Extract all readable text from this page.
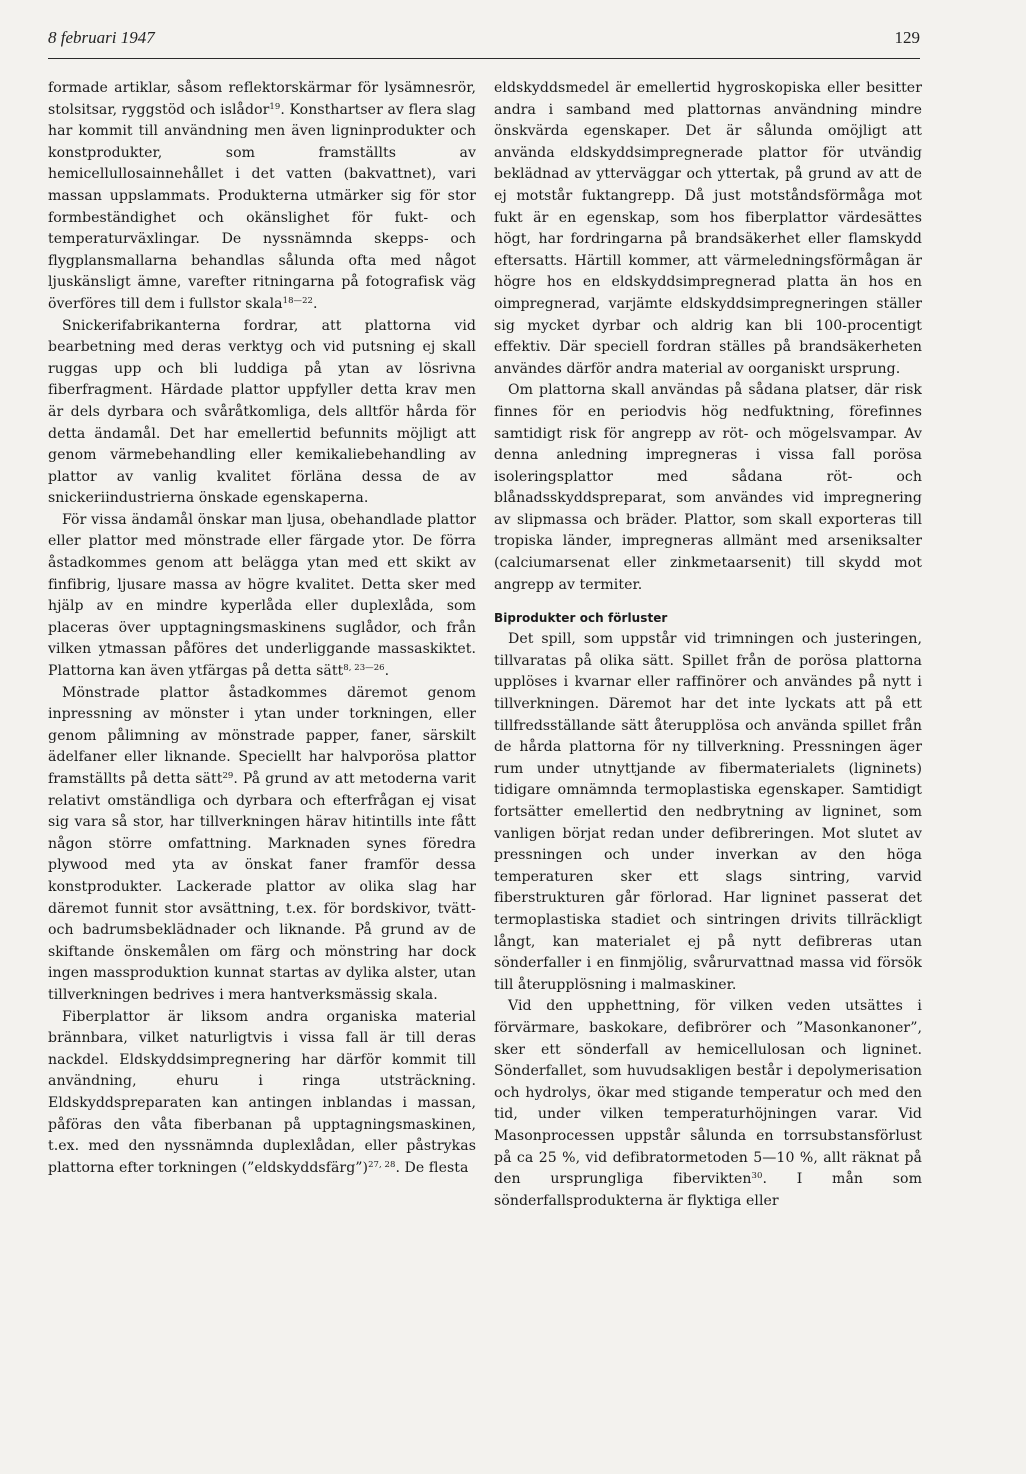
8 februari 1947	129

formade artiklar, såsom reflektorskärmar för lysämnesrör, stolsitsar, ryggstöd och islådor$^{19}$. Konsthartser av flera slag har kommit till användning men även ligninprodukter och konstprodukter, som framställts av hemicellullosainnehållet i det vatten (bakvattnet), vari massan uppslammats. Produkterna utmärker sig för stor formbeständighet och okänslighet för fukt- och temperaturväxlingar. De nyssnämnda skepps- och flygplansmallarna behandlas sålunda ofta med något ljuskänsligt ämne, varefter ritningarna på fotografisk väg överföres till dem i fullstor skala$^{18—22}$.

Snickerifabrikanterna fordrar, att plattorna vid bearbetning med deras verktyg och vid putsning ej skall ruggas upp och bli luddiga på ytan av lösrivna fiberfragment. Härdade plattor uppfyller detta krav men är dels dyrbara och svåråtkomliga, dels alltför hårda för detta ändamål. Det har emellertid befunnits möjligt att genom värmebehandling eller kemikaliebehandling av plattor av vanlig kvalitet förläna dessa de av snickeriindustrierna önskade egenskaperna.

För vissa ändamål önskar man ljusa, obehandlade plattor eller plattor med mönstrade eller färgade ytor. De förra åstadkommes genom att belägga ytan med ett skikt av finfibrig, ljusare massa av högre kvalitet. Detta sker med hjälp av en mindre kyperlåda eller duplexlåda, som placeras över upptagningsmaskinens suglådor, och från vilken ytmassan påföres det underliggande massaskiktet. Plattorna kan även ytfärgas på detta sätt$^{8, 23—26}$.

Mönstrade plattor åstadkommes däremot genom inpressning av mönster i ytan under torkningen, eller genom pålimning av mönstrade papper, faner, särskilt ädelfaner eller liknande. Speciellt har halvporösa plattor framställts på detta sätt$^{29}$. På grund av att metoderna varit relativt omständliga och dyrbara och efterfrågan ej visat sig vara så stor, har tillverkningen härav hitintills inte fått någon större omfattning. Marknaden synes föredra plywood med yta av önskat faner framför dessa konstprodukter. Lackerade plattor av olika slag har däremot funnit stor avsättning, t.ex. för bordskivor, tvätt- och badrumsbeklädnader och liknande. På grund av de skiftande önskemålen om färg och mönstring har dock ingen massproduktion kunnat startas av dylika alster, utan tillverkningen bedrives i mera hantverksmässig skala.

Fiberplattor är liksom andra organiska material brännbara, vilket naturligtvis i vissa fall är till deras nackdel. Eldskyddsimpregnering har därför kommit till användning, ehuru i ringa utsträckning. Eldskyddspreparaten kan antingen inblandas i massan, påföras den våta fiberbanan på upptagningsmaskinen, t.ex. med den nyssnämnda duplexlådan, eller påstrykas plattorna efter torkningen (”eldskyddsfärg”)$^{27, 28}$. De flesta

eldskyddsmedel är emellertid hygroskopiska eller besitter andra i samband med plattornas användning mindre önskvärda egenskaper. Det är sålunda omöjligt att använda eldskyddsimpregnerade plattor för utvändig beklädnad av ytterväggar och yttertak, på grund av att de ej motstår fuktangrepp. Då just motståndsförmåga mot fukt är en egenskap, som hos fiberplattor värdesättes högt, har fordringarna på brandsäkerhet eller flamskydd eftersatts. Härtill kommer, att värmeledningsförmågan är högre hos en eldskyddsimpregnerad platta än hos en oimpregnerad, varjämte eldskyddsimpregneringen ställer sig mycket dyrbar och aldrig kan bli 100-procentigt effektiv. Där speciell fordran ställes på brandsäkerheten användes därför andra material av oorganiskt ursprung.

Om plattorna skall användas på sådana platser, där risk finnes för en periodvis hög nedfuktning, förefinnes samtidigt risk för angrepp av röt- och mögelsvampar. Av denna anledning impregneras i vissa fall porösa isoleringsplattor med sådana röt- och blånadsskyddspreparat, som användes vid impregnering av slipmassa och bräder. Plattor, som skall exporteras till tropiska länder, impregneras allmänt med arseniksalter (calciumarsenat eller zinkmetaarsenit) till skydd mot angrepp av termiter.

Biprodukter och förluster

Det spill, som uppstår vid trimningen och justeringen, tillvaratas på olika sätt. Spillet från de porösa plattorna upplöses i kvarnar eller raffinörer och användes på nytt i tillverkningen. Däremot har det inte lyckats att på ett tillfredsställande sätt återupplösa och använda spillet från de hårda plattorna för ny tillverkning. Pressningen äger rum under utnyttjande av fibermaterialets (ligninets) tidigare omnämnda termoplastiska egenskaper. Samtidigt fortsätter emellertid den nedbrytning av ligninet, som vanligen börjat redan under defibreringen. Mot slutet av pressningen och under inverkan av den höga temperaturen sker ett slags sintring, varvid fiberstrukturen går förlorad. Har ligninet passerat det termoplastiska stadiet och sintringen drivits tillräckligt långt, kan materialet ej på nytt defibreras utan sönderfaller i en finmjölig, svårurvattnad massa vid försök till återupplösning i malmaskiner.

Vid den upphettning, för vilken veden utsättes i förvärmare, baskokare, defibrörer och ”Masonkanoner”, sker ett sönderfall av hemicellulosan och ligninet. Sönderfallet, som huvudsakligen består i depolymerisation och hydrolys, ökar med stigande temperatur och med den tid, under vilken temperaturhöjningen varar. Vid Masonprocessen uppstår sålunda en torrsubstansförlust på ca 25 %, vid defibratormetoden 5—10 %, allt räknat på den ursprungliga fibervikten$^{30}$. I mån som sönderfallsprodukterna är flyktiga eller
